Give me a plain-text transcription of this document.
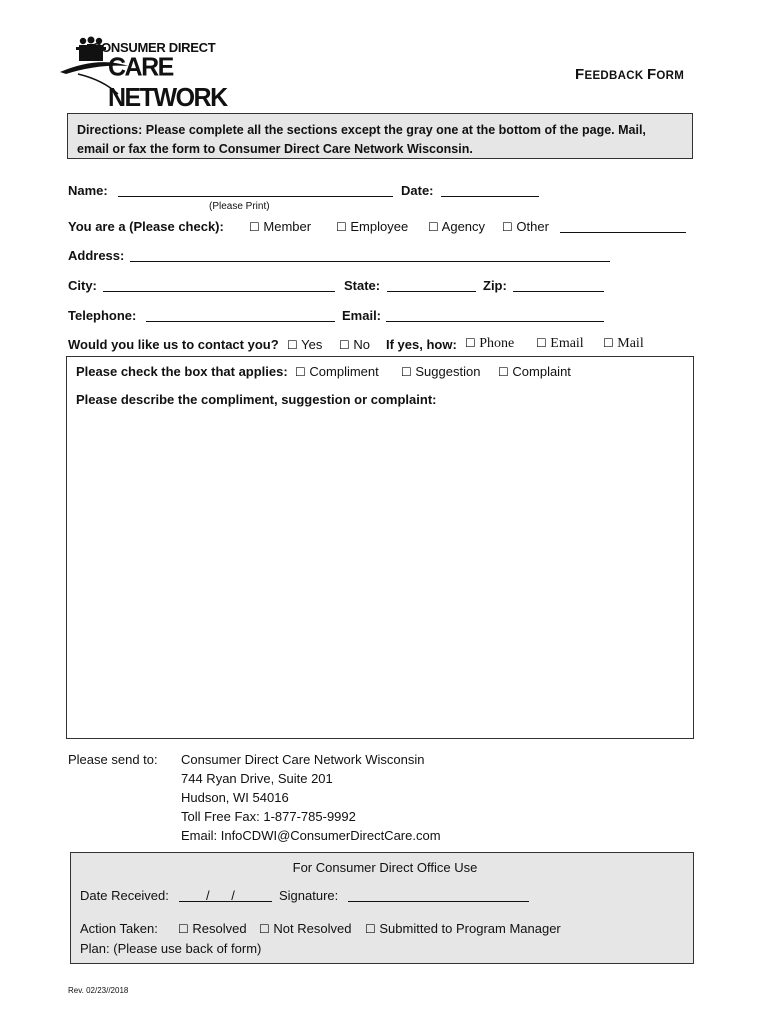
CONSUMER DIRECT
CARE NETWORK
FEEDBACK FORM
Directions: Please complete all the sections except the gray one at the bottom of the page. Mail,
email or fax the form to Consumer Direct Care Network Wisconsin.
Name:	Date:
(Please Print)
You are a (Please check): ☐ Member ☐ Employee ☐ Agency ☐ Other
Address:
City:	State:	Zip:
Telephone:	Email:
Would you like us to contact you? ☐ Yes ☐ No If yes, how: ☐ Phone ☐ Email ☐ Mail
Please check the box that applies: ☐ Compliment ☐ Suggestion ☐ Complaint
Please describe the compliment, suggestion or complaint:
Please send to: Consumer Direct Care Network Wisconsin
744 Ryan Drive, Suite 201
Hudson, WI 54016
Toll Free Fax: 1-877-785-9992
Email: InfoCDWI@ConsumerDirectCare.com
For Consumer Direct Office Use
Date Received:	/      /	Signature:
Action Taken: ☐ Resolved ☐ Not Resolved ☐ Submitted to Program Manager
Plan: (Please use back of form)
Rev. 02/23//2018
